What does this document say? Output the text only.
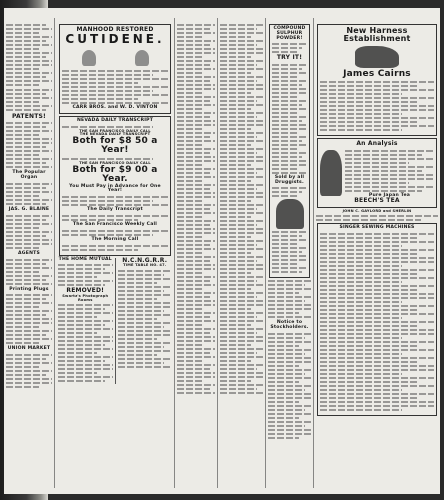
PATENTS!
The Popular Organ
JAS. G. BLAINE
AGENTS
Printing Plugs
UNION MARKET
MANHOOD RESTORED
CUTIDENE.
CARR BROS. and W. D. VINTON
NEVADA DAILY TRANSCRIPT
THE SAN FRANCISCO DAILY CALL
THE NEVADA DAILY TRANSCRIPT
Both for $8 50 a Year!
THE SAN FRANCISCO DAILY CALL
Both for $9 00 a Year.
You Must Pay in Advance for One Year!
The Daily Transcript
The San Francisco Weekly Call
The Morning Call
THE HOME MUTUAL
REMOVED!
Swartz's Photograph Rooms
N.C.N.G.R.R.
TIME TABLE NO. 47.
COMPOUND SULPHUR POWDER!
TRY IT!
Sold by all Druggists.
Notice to Stockholders.
New Harness Establishment
James Cairns
An Analysis
Pure Japan Tea
BEECH'S TEA
JOHN C. GAYLORD and SHERLIN
SINGER SEWING MACHINES
